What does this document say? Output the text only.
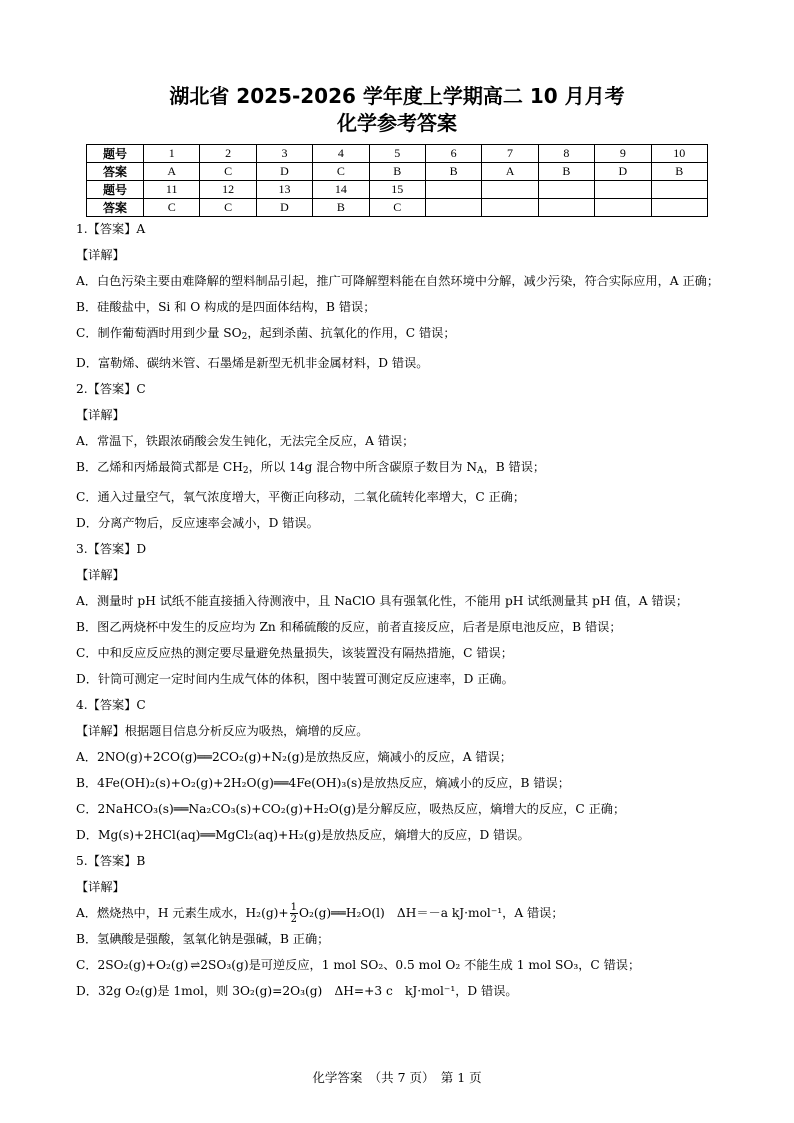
湖北省 2025-2026 学年度上学期高二 10 月月考
化学参考答案
题号	1	2	3	4	5	6	7	8	9	10
答案	A	C	D	C	B	B	A	B	D	B
题号	11	12	13	14	15					
答案	C	C	D	B	C					
1.【答案】A
【详解】
A．白色污染主要由难降解的塑料制品引起，推广可降解塑料能在自然环境中分解，减少污染，符合实际应用，A 正确；
B．硅酸盐中，Si 和 O 构成的是四面体结构，B 错误；
C．制作葡萄酒时用到少量 $SO_2$，起到杀菌、抗氧化的作用，C 错误；
D．富勒烯、碳纳米管、石墨烯是新型无机非金属材料，D 错误。
2.【答案】C
【详解】
A．常温下，铁跟浓硝酸会发生钝化，无法完全反应，A 错误；
B．乙烯和丙烯最简式都是 $CH_2$，所以 14g 混合物中所含碳原子数目为 $N_A$，B 错误；
C．通入过量空气，氧气浓度增大，平衡正向移动，二氧化硫转化率增大，C 正确；
D．分离产物后，反应速率会减小，D 错误。
3.【答案】D
【详解】
A．测量时 pH 试纸不能直接插入待测液中，且 NaClO 具有强氧化性，不能用 pH 试纸测量其 pH 值，A 错误；
B．图乙两烧杯中发生的反应均为 Zn 和稀硫酸的反应，前者直接反应，后者是原电池反应，B 错误；
C．中和反应反应热的测定要尽量避免热量损失，该装置没有隔热措施，C 错误；
D．针筒可测定一定时间内生成气体的体积，图中装置可测定反应速率，D 正确。
4.【答案】C
【详解】根据题目信息分析反应为吸热，熵增的反应。
A．2NO(g)+2CO(g)══2CO₂(g)+N₂(g)是放热反应，熵减小的反应，A 错误；
B．4Fe(OH)₂(s)+O₂(g)+2H₂O(g)══4Fe(OH)₃(s)是放热反应，熵减小的反应，B 错误；
C．2NaHCO₃(s)══Na₂CO₃(s)+CO₂(g)+H₂O(g)是分解反应，吸热反应，熵增大的反应，C 正确；
D．Mg(s)+2HCl(aq)══MgCl₂(aq)+H₂(g)是放热反应，熵增大的反应，D 错误。
5.【答案】B
【详解】
A．燃烧热中，H 元素生成水，$H_2(g)+ \frac{1}{2}$ O₂(g)══H₂O(l)　ΔH＝－a kJ·mol⁻¹，A 错误；
B．氢碘酸是强酸，氢氧化钠是强碱，B 正确；
C．2SO₂(g)+O₂(g) ⇌ 2SO₃(g)是可逆反应，1 mol SO₂、0.5 mol O₂ 不能生成 1 mol SO₃，C 错误；
D．32g O₂(g)是 1mol，则 3O₂(g)=2O₃(g)　ΔH=+3 c　kJ·mol⁻¹，D 错误。
化学答案　（共 7 页）　第 1 页
